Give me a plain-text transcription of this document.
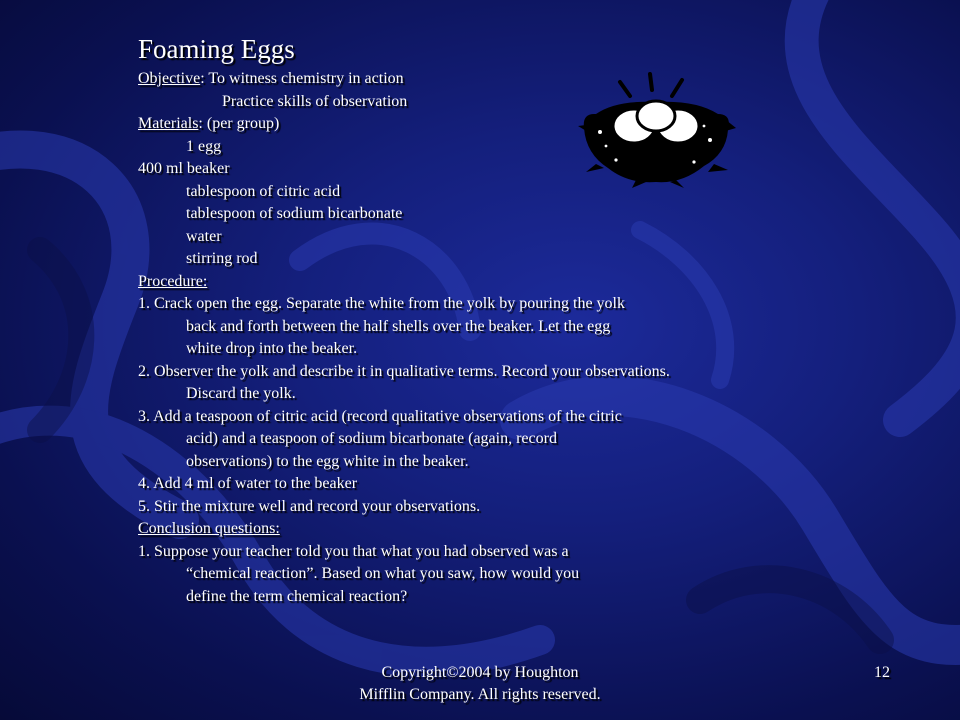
Foaming Eggs
Objective: To witness chemistry in action
Practice skills of observation
Materials: (per group)
1 egg
400 ml beaker
tablespoon of citric acid
tablespoon of sodium bicarbonate
water
stirring rod
Procedure:
1. Crack open the egg. Separate the white from the yolk by pouring the yolk
back and forth between the half shells over the beaker. Let the egg
white drop into the beaker.
2. Observer the yolk and describe it in qualitative terms. Record your observations.
Discard the yolk.
3. Add a teaspoon of citric acid (record qualitative observations of the citric
acid) and a teaspoon of sodium bicarbonate (again, record
observations) to the egg white in the beaker.
4. Add 4 ml of water to the beaker
5. Stir the mixture well and record your observations.
Conclusion questions:
1. Suppose your teacher told you that what you had observed was a
“chemical reaction”. Based on what you saw, how would you
define the term chemical reaction?
Copyright©2004 by Houghton
Mifflin Company. All rights reserved.
12
